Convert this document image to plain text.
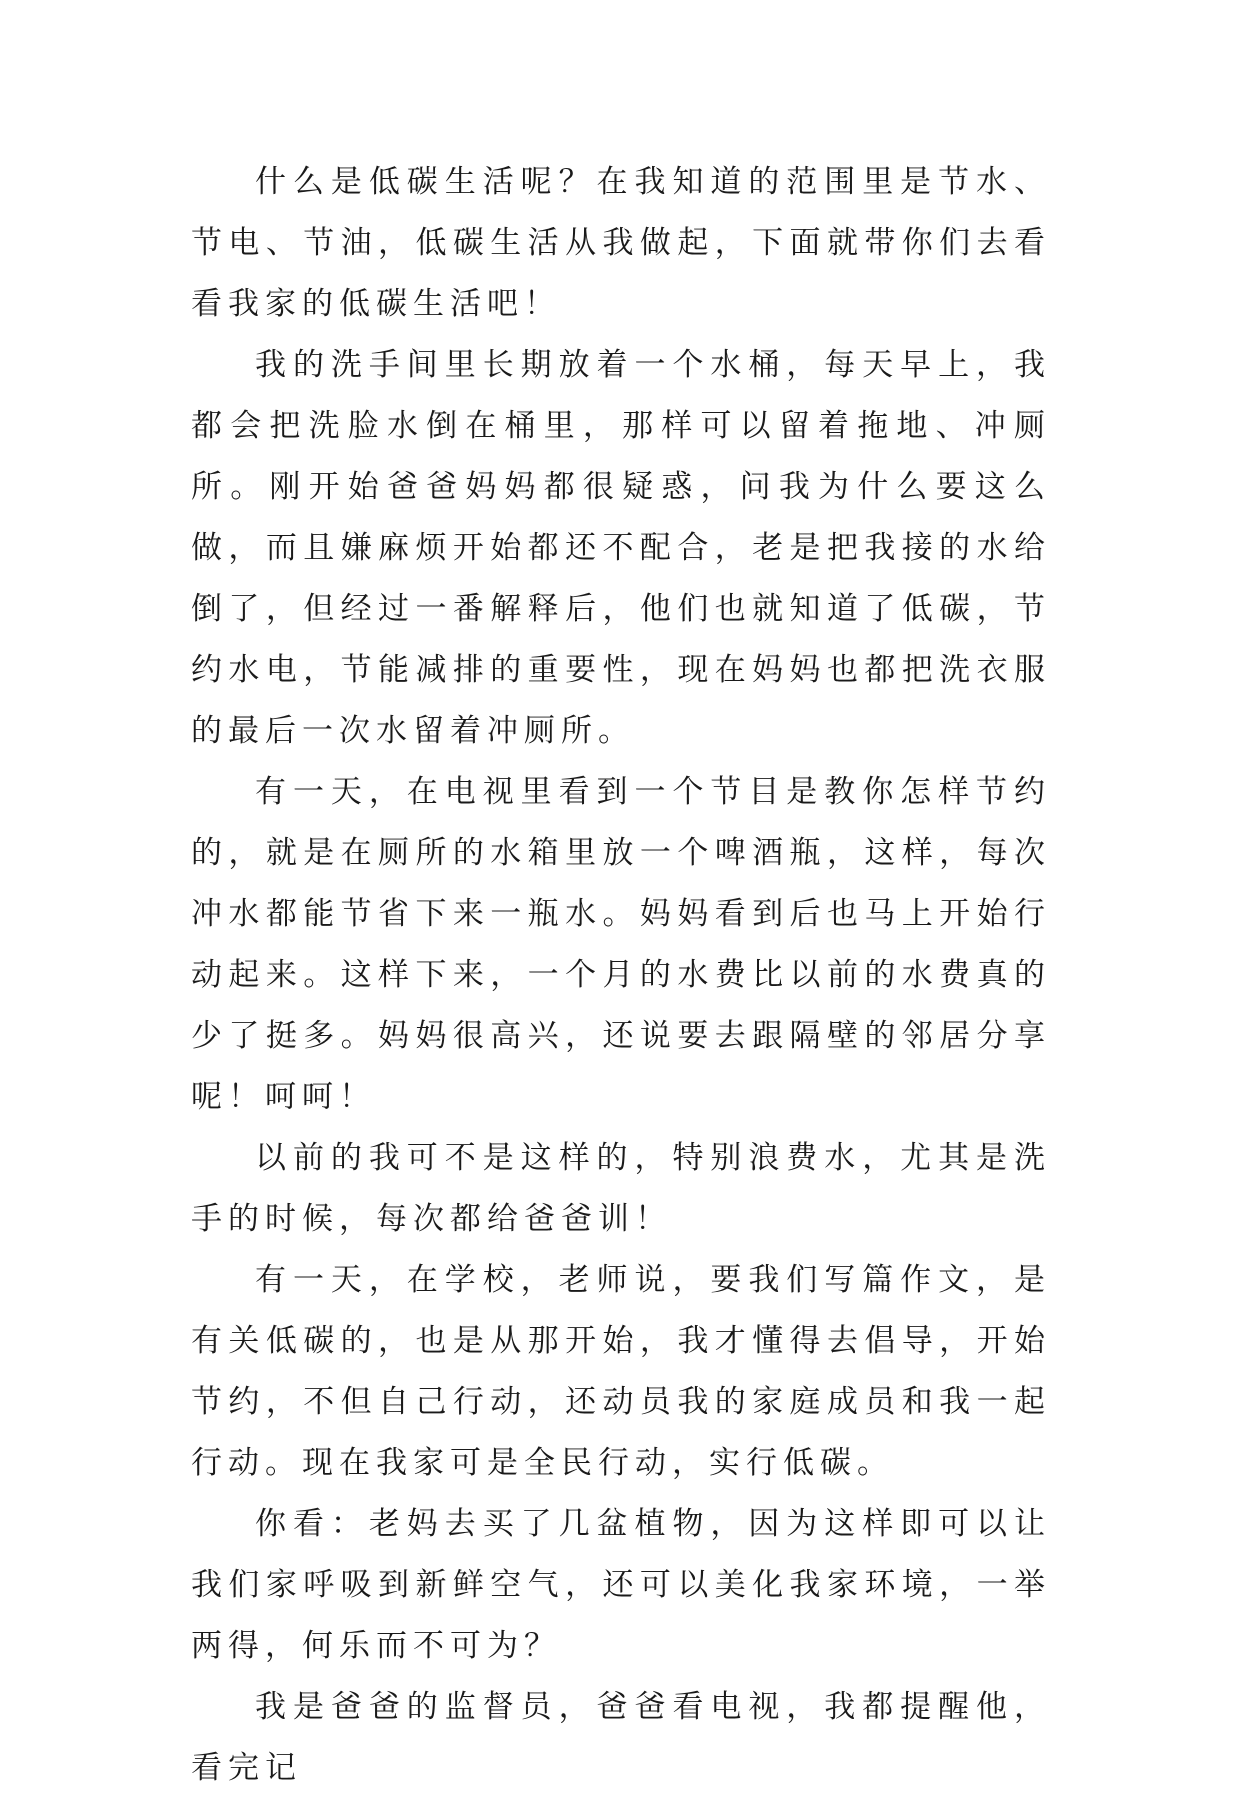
什么是低碳生活呢？在我知道的范围里是节水、节电、节油，低碳生活从我做起，下面就带你们去看看我家的低碳生活吧！

我的洗手间里长期放着一个水桶，每天早上，我都会把洗脸水倒在桶里，那样可以留着拖地、冲厕所。刚开始爸爸妈妈都很疑惑，问我为什么要这么做，而且嫌麻烦开始都还不配合，老是把我接的水给倒了，但经过一番解释后，他们也就知道了低碳，节约水电，节能减排的重要性，现在妈妈也都把洗衣服的最后一次水留着冲厕所。

有一天，在电视里看到一个节目是教你怎样节约的，就是在厕所的水箱里放一个啤酒瓶，这样，每次冲水都能节省下来一瓶水。妈妈看到后也马上开始行动起来。这样下来，一个月的水费比以前的水费真的少了挺多。妈妈很高兴，还说要去跟隔壁的邻居分享呢！呵呵！

以前的我可不是这样的，特别浪费水，尤其是洗手的时候，每次都给爸爸训！

有一天，在学校，老师说，要我们写篇作文，是有关低碳的，也是从那开始，我才懂得去倡导，开始节约，不但自己行动，还动员我的家庭成员和我一起行动。现在我家可是全民行动，实行低碳。

你看：老妈去买了几盆植物，因为这样即可以让我们家呼吸到新鲜空气，还可以美化我家环境，一举两得，何乐而不可为？

我是爸爸的监督员，爸爸看电视，我都提醒他，看完记
